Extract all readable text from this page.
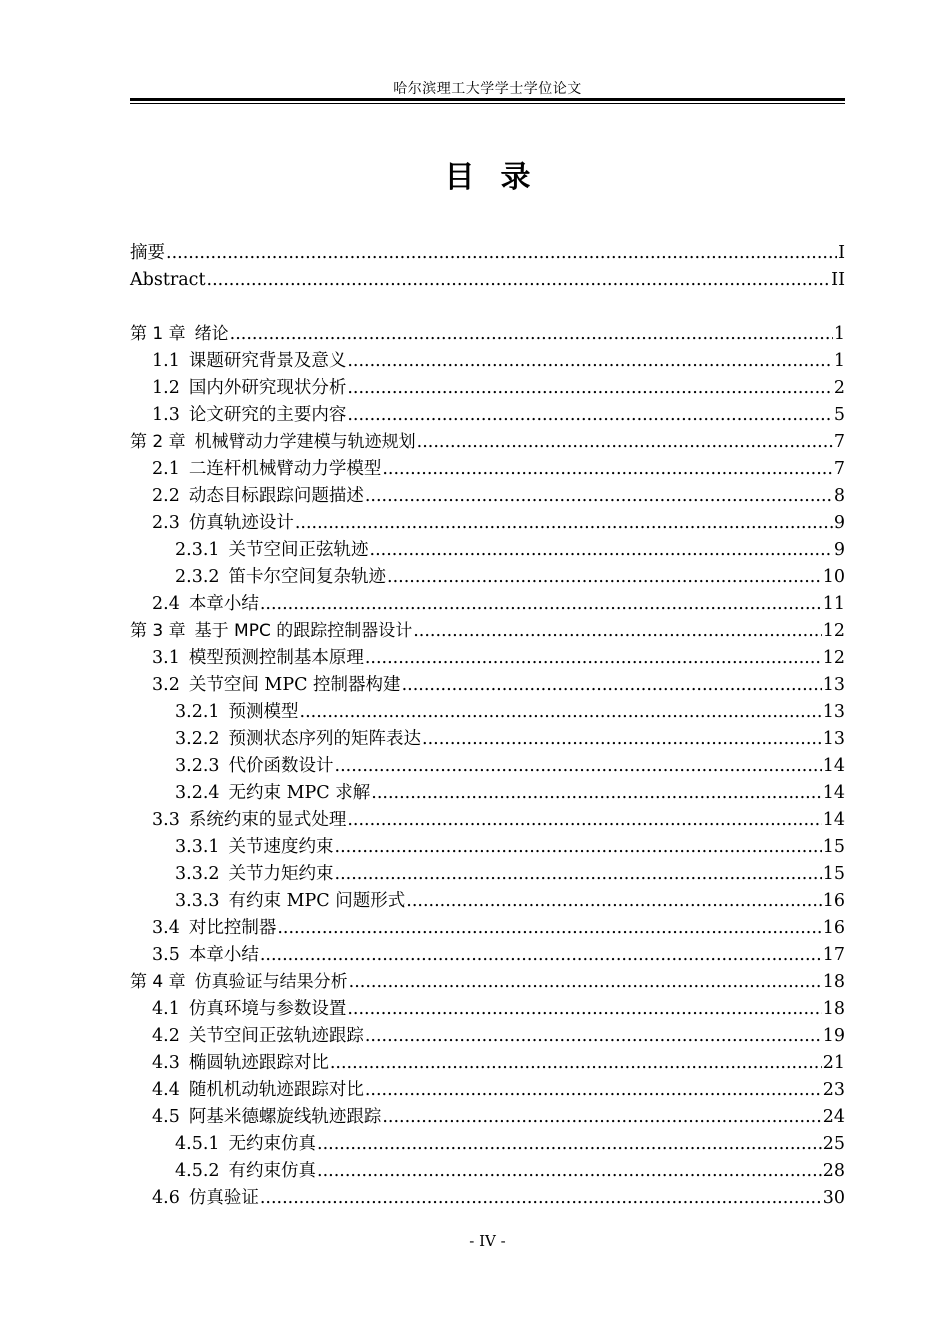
哈尔滨理工大学学士学位论文
目录
摘要 .....	I
Abstract .....	II
第 1 章 绪论 .....	1
1.1 课题研究背景及意义 .....	1
1.2 国内外研究现状分析 .....	2
1.3 论文研究的主要内容 .....	5
第 2 章 机械臂动力学建模与轨迹规划 .....	7
2.1 二连杆机械臂动力学模型 .....	7
2.2 动态目标跟踪问题描述 .....	8
2.3 仿真轨迹设计 .....	9
2.3.1 关节空间正弦轨迹 .....	9
2.3.2 笛卡尔空间复杂轨迹 .....	10
2.4 本章小结 .....	11
第 3 章 基于 MPC 的跟踪控制器设计 .....	12
3.1 模型预测控制基本原理 .....	12
3.2 关节空间 MPC 控制器构建 .....	13
3.2.1 预测模型 .....	13
3.2.2 预测状态序列的矩阵表达 .....	13
3.2.3 代价函数设计 .....	14
3.2.4 无约束 MPC 求解 .....	14
3.3 系统约束的显式处理 .....	14
3.3.1 关节速度约束 .....	15
3.3.2 关节力矩约束 .....	15
3.3.3 有约束 MPC 问题形式 .....	16
3.4 对比控制器 .....	16
3.5 本章小结 .....	17
第 4 章 仿真验证与结果分析 .....	18
4.1 仿真环境与参数设置 .....	18
4.2 关节空间正弦轨迹跟踪 .....	19
4.3 椭圆轨迹跟踪对比 .....	21
4.4 随机机动轨迹跟踪对比 .....	23
4.5 阿基米德螺旋线轨迹跟踪 .....	24
4.5.1 无约束仿真 .....	25
4.5.2 有约束仿真 .....	28
4.6 仿真验证 .....	30
- IV -
